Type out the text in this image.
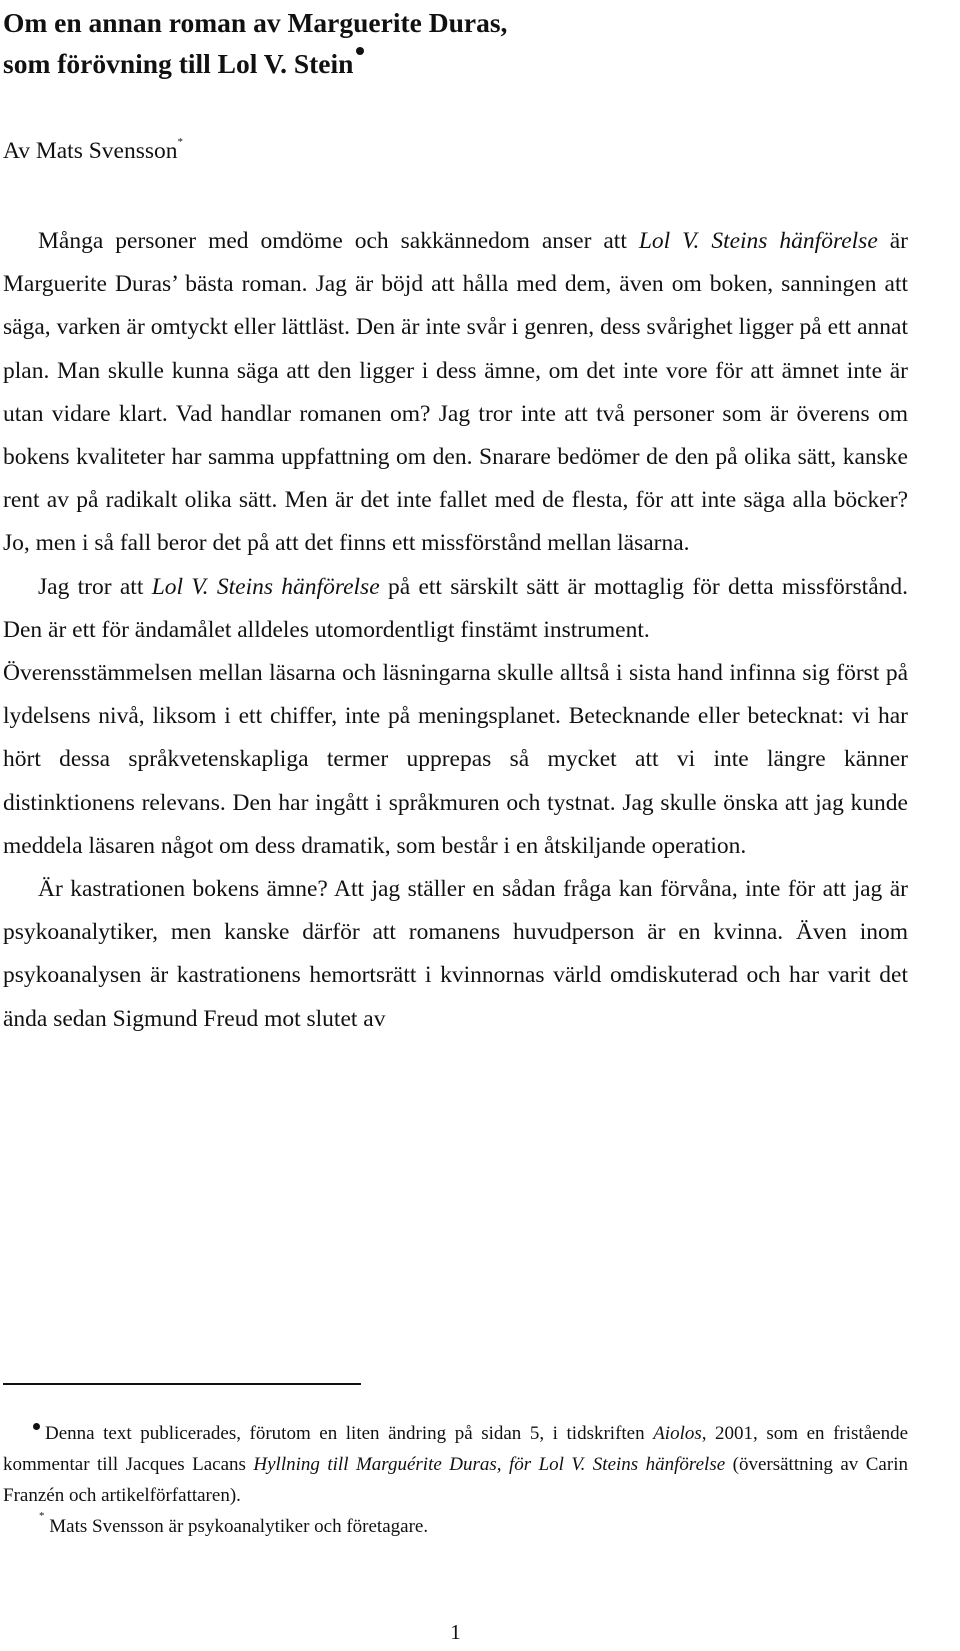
Om en annan roman av Marguerite Duras,
som förövning till Lol V. Stein
Av Mats Svensson*

Många personer med omdöme och sakkännedom anser att Lol V. Steins hänförelse är Marguerite Duras’ bästa roman. Jag är böjd att hålla med dem, även om boken, sanningen att säga, varken är omtyckt eller lättläst. Den är inte svår i genren, dess svårighet ligger på ett annat plan. Man skulle kunna säga att den ligger i dess ämne, om det inte vore för att ämnet inte är utan vidare klart. Vad handlar romanen om? Jag tror inte att två personer som är överens om bokens kvaliteter har samma uppfattning om den. Snarare bedömer de den på olika sätt, kanske rent av på radikalt olika sätt. Men är det inte fallet med de flesta, för att inte säga alla böcker? Jo, men i så fall beror det på att det finns ett missförstånd mellan läsarna.

Jag tror att Lol V. Steins hänförelse på ett särskilt sätt är mottaglig för detta missförstånd. Den är ett för ändamålet alldeles utomordentligt finstämt instrument.

Överensstämmelsen mellan läsarna och läsningarna skulle alltså i sista hand infinna sig först på lydelsens nivå, liksom i ett chiffer, inte på meningsplanet. Betecknande eller betecknat: vi har hört dessa språkvetenskapliga termer upprepas så mycket att vi inte längre känner distinktionens relevans. Den har ingått i språkmuren och tystnat. Jag skulle önska att jag kunde meddela läsaren något om dess dramatik, som består i en åtskiljande operation.

Är kastrationen bokens ämne? Att jag ställer en sådan fråga kan förvåna, inte för att jag är psykoanalytiker, men kanske därför att romanens huvudperson är en kvinna. Även inom psykoanalysen är kastrationens hemortsrätt i kvinnornas värld omdiskuterad och har varit det ända sedan Sigmund Freud mot slutet av

Denna text publicerades, förutom en liten ändring på sidan 5, i tidskriften Aiolos, 2001, som en fristående kommentar till Jacques Lacans Hyllning till Marguérite Duras, för Lol V. Steins hänförelse (översättning av Carin Franzén och artikelförfattaren).

* Mats Svensson är psykoanalytiker och företagare.

1
